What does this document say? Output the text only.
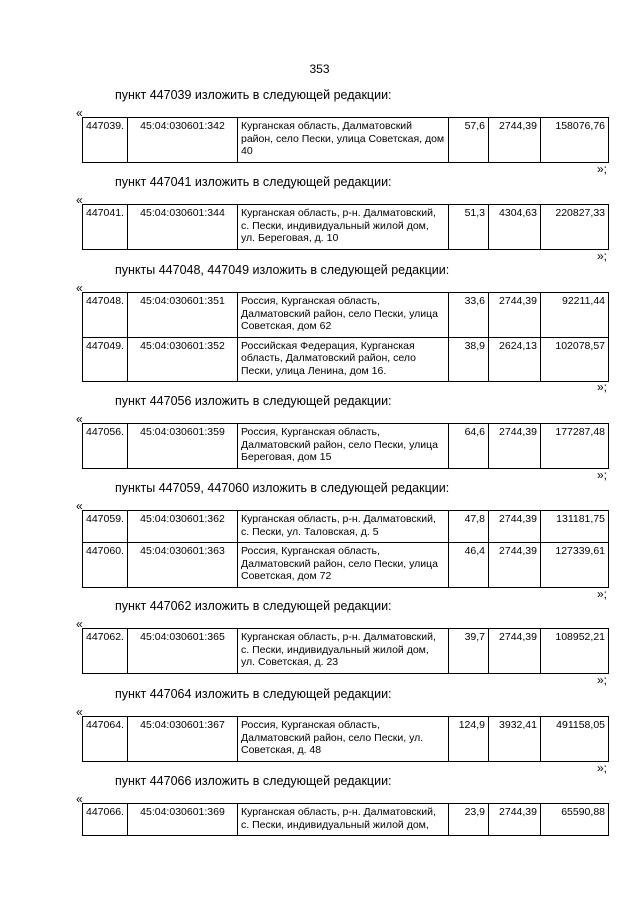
353
пункт 447039 изложить в следующей редакции:
«
447039.	45:04:030601:342	Курганская область, Далматовский район, село Пески, улица Советская, дом 40	57,6	2744,39	158076,76
»;
пункт 447041 изложить в следующей редакции:
«
447041.	45:04:030601:344	Курганская область, р-н. Далматовский, с. Пески, индивидуальный жилой дом, ул. Береговая, д. 10	51,3	4304,63	220827,33
»;
пункты 447048, 447049 изложить в следующей редакции:
«
447048.	45:04:030601:351	Россия, Курганская область, Далматовский район, село Пески, улица Советская, дом 62	33,6	2744,39	92211,44
447049.	45:04:030601:352	Российская Федерация, Курганская область, Далматовский район, село Пески, улица Ленина, дом 16.	38,9	2624,13	102078,57
»;
пункт 447056 изложить в следующей редакции:
«
447056.	45:04:030601:359	Россия, Курганская область, Далматовский район, село Пески, улица Береговая, дом 15	64,6	2744,39	177287,48
»;
пункты 447059, 447060 изложить в следующей редакции:
«
447059.	45:04:030601:362	Курганская область, р-н. Далматовский, с. Пески, ул. Таловская, д. 5	47,8	2744,39	131181,75
447060.	45:04:030601:363	Россия, Курганская область, Далматовский район, село Пески, улица Советская, дом 72	46,4	2744,39	127339,61
»;
пункт 447062 изложить в следующей редакции:
«
447062.	45:04:030601:365	Курганская область, р-н. Далматовский, с. Пески, индивидуальный жилой дом, ул. Советская, д. 23	39,7	2744,39	108952,21
»;
пункт 447064 изложить в следующей редакции:
«
447064.	45:04:030601:367	Россия, Курганская область, Далматовский район, село Пески, ул. Советская, д. 48	124,9	3932,41	491158,05
»;
пункт 447066 изложить в следующей редакции:
«
447066.	45:04:030601:369	Курганская область, р-н. Далматовский, с. Пески, индивидуальный жилой дом,	23,9	2744,39	65590,88
